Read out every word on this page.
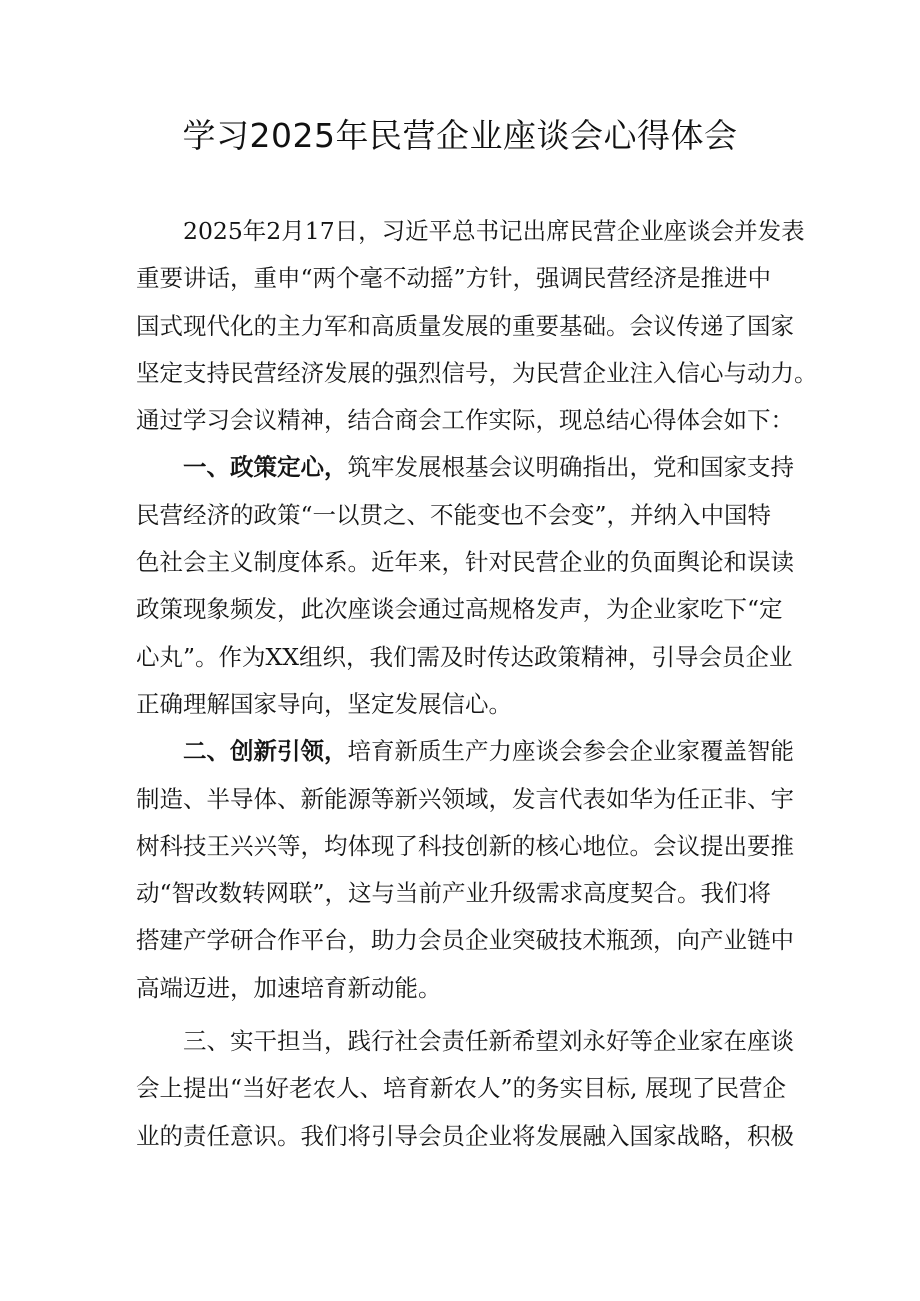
学习2025年民营企业座谈会心得体会
2025年2月17日，习近平总书记出席民营企业座谈会并发表
重要讲话，重申“两个毫不动摇”方针，强调民营经济是推进中
国式现代化的主力军和高质量发展的重要基础。会议传递了国家
坚定支持民营经济发展的强烈信号，为民营企业注入信心与动力。
通过学习会议精神，结合商会工作实际，现总结心得体会如下：
一、政策定心，筑牢发展根基会议明确指出，党和国家支持
民营经济的政策“一以贯之、不能变也不会变”，并纳入中国特
色社会主义制度体系。近年来，针对民营企业的负面舆论和误读
政策现象频发，此次座谈会通过高规格发声，为企业家吃下“定
心丸”。作为XX组织，我们需及时传达政策精神，引导会员企业
正确理解国家导向，坚定发展信心。
二、创新引领，培育新质生产力座谈会参会企业家覆盖智能
制造、半导体、新能源等新兴领域，发言代表如华为任正非、宇
树科技王兴兴等，均体现了科技创新的核心地位。会议提出要推
动“智改数转网联”，这与当前产业升级需求高度契合。我们将
搭建产学研合作平台，助力会员企业突破技术瓶颈，向产业链中
高端迈进，加速培育新动能。
三、实干担当，践行社会责任新希望刘永好等企业家在座谈
会上提出“当好老农人、培育新农人”的务实目标, 展现了民营企
业的责任意识。我们将引导会员企业将发展融入国家战略，积极
